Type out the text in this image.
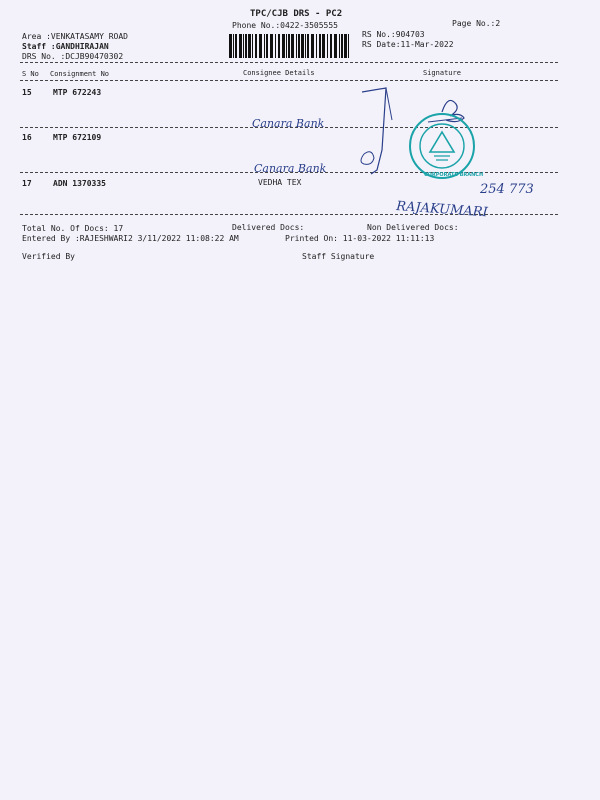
TPC/CJB DRS - PC2
Phone No.:0422-3505555	Page No.:2
Area :VENKATASAMY ROAD
Staff :GANDHIRAJAN
DRS No. :DCJB90470302
RS No.:904703
RS Date:11-Mar-2022
S No Consignment No	Consignee Details	Signature
15	MTP 672243
16	MTP 672109
17	ADN 1370335	VEDHA TEX
Canara Bank
Canara Bank	CORPORATE BRANCH
254 773
RAJAKUMARI
Total No. Of Docs: 17	Delivered Docs:	Non Delivered Docs:
Entered By :RAJESHWARI2 3/11/2022 11:08:22 AM	Printed On: 11-03-2022 11:11:13
Verified By	Staff Signature
